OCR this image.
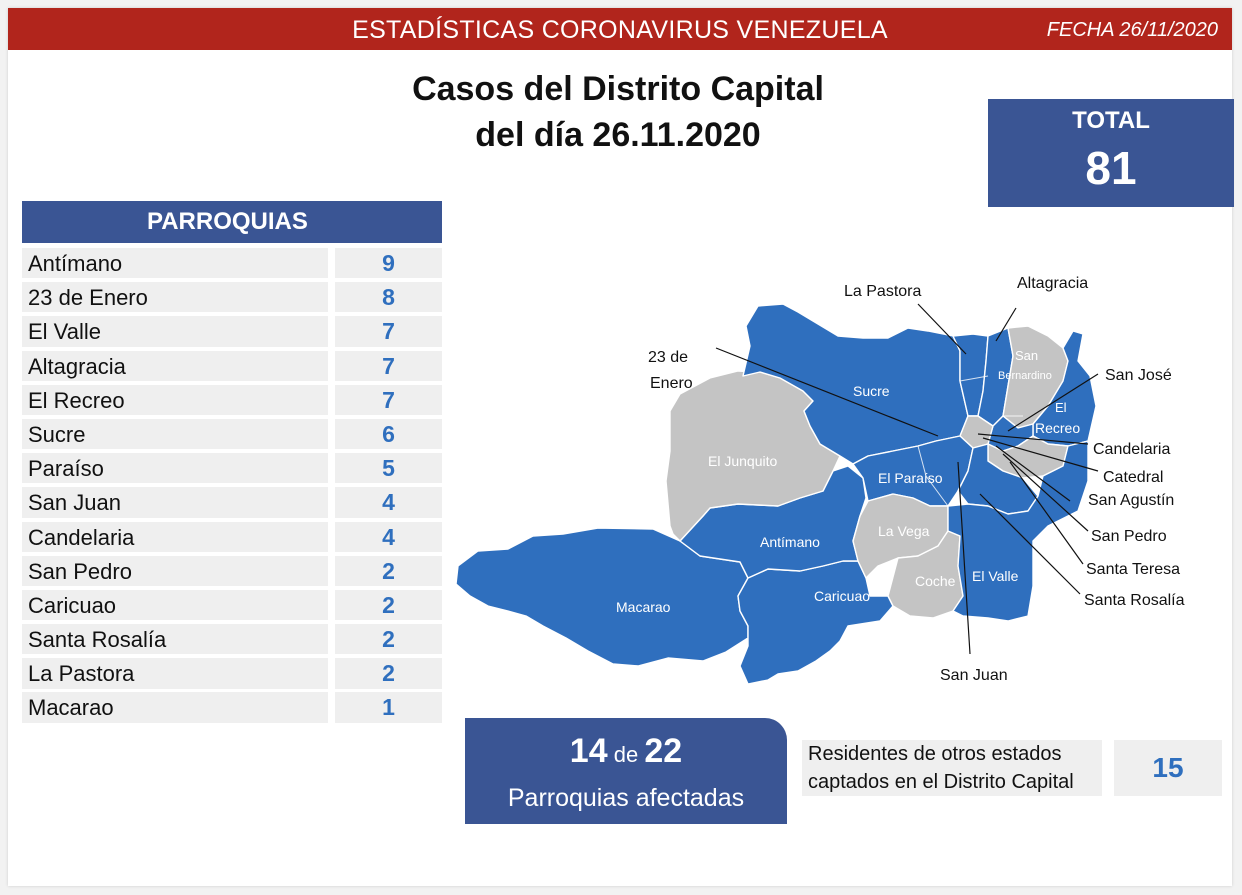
ESTADÍSTICAS CORONAVIRUS VENEZUELA	FECHA 26/11/2020
Casos del Distrito Capital
del día 26.11.2020	TOTAL
81
PARROQUIAS
Antímano	9
23 de Enero	8
El Valle	7
Altagracia	7
El Recreo	7
Sucre	6
Paraíso	5
San Juan	4
Candelaria	4
San Pedro	2
Caricuao	2
Santa Rosalía	2
La Pastora	2
Macarao	1
Sucre
El Junquito
El Paraíso
La Vega
Antímano
Macarao
Caricuao
Coche El Valle
San
Bernardino
El
Recreo
La Pastora	Altagracia
23 de
Enero	San José
Candelaria
Catedral
San Agustín
San Pedro
Santa Teresa
Santa Rosalía
San Juan
14 de 22
Parroquias afectadas
Residentes de otros estados
captados en el Distrito Capital	15
